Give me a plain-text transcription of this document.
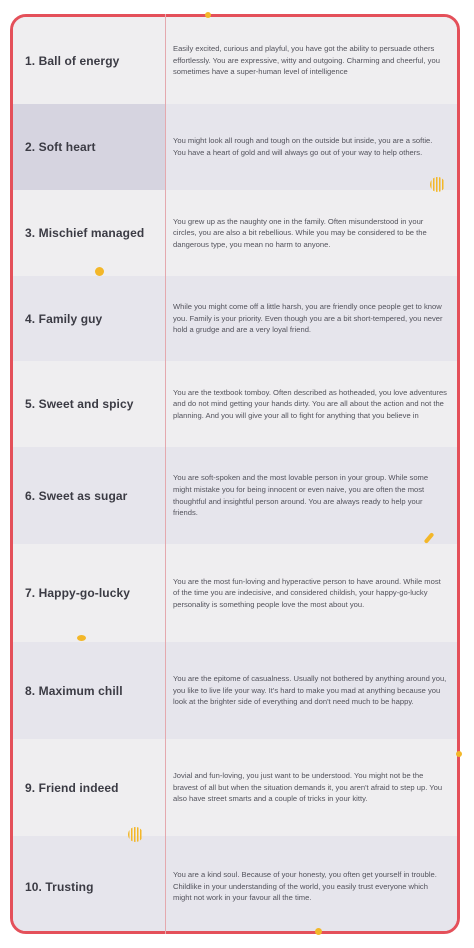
1. Ball of energy
Easily excited, curious and playful, you have got the ability to persuade others effortlessly. You are expressive, witty and outgoing. Charming and cheerful, you sometimes have a super-human level of intelligence
2. Soft heart	You might look all rough and tough on the outside but inside, you are a softie. You have a heart of gold and will always go out of your way to help others.
3. Mischief managed
You grew up as the naughty one in the family. Often misunderstood in your circles, you are also a bit rebellious. While you may be considered to be the dangerous type, you mean no harm to anyone.
4. Family guy
While you might come off a little harsh, you are friendly once people get to know you. Family is your priority. Even though you are a bit short-tempered, you never hold a grudge and are a very loyal friend.
5. Sweet and spicy
You are the textbook tomboy. Often described as hotheaded, you love adventures and do not mind getting your hands dirty. You are all about the action and not the planning. And you will give your all to fight for anything that you believe in
6. Sweet as sugar
You are soft-spoken and the most lovable person in your group. While some might mistake you for being innocent or even naive, you are often the most thoughtful and insightful person around. You are always ready to help your friends.
7. Happy-go-lucky
You are the most fun-loving and hyperactive person to have around. While most of the time you are indecisive, and considered childish, your happy-go-lucky personality is something people love the most about you.
8. Maximum chill
You are the epitome of casualness. Usually not bothered by anything around you, you like to live life your way. It's hard to make you mad at anything because you look at the brighter side of everything and don't need much to be happy.
9. Friend indeed
Jovial and fun-loving, you just want to be understood. You might not be the bravest of all but when the situation demands it, you aren't afraid to step up. You also have street smarts and a couple of tricks in your kitty.
10. Trusting
You are a kind soul. Because of your honesty, you often get yourself in trouble. Childlike in your understanding of the world, you easily trust everyone which might not work in your favour all the time.
